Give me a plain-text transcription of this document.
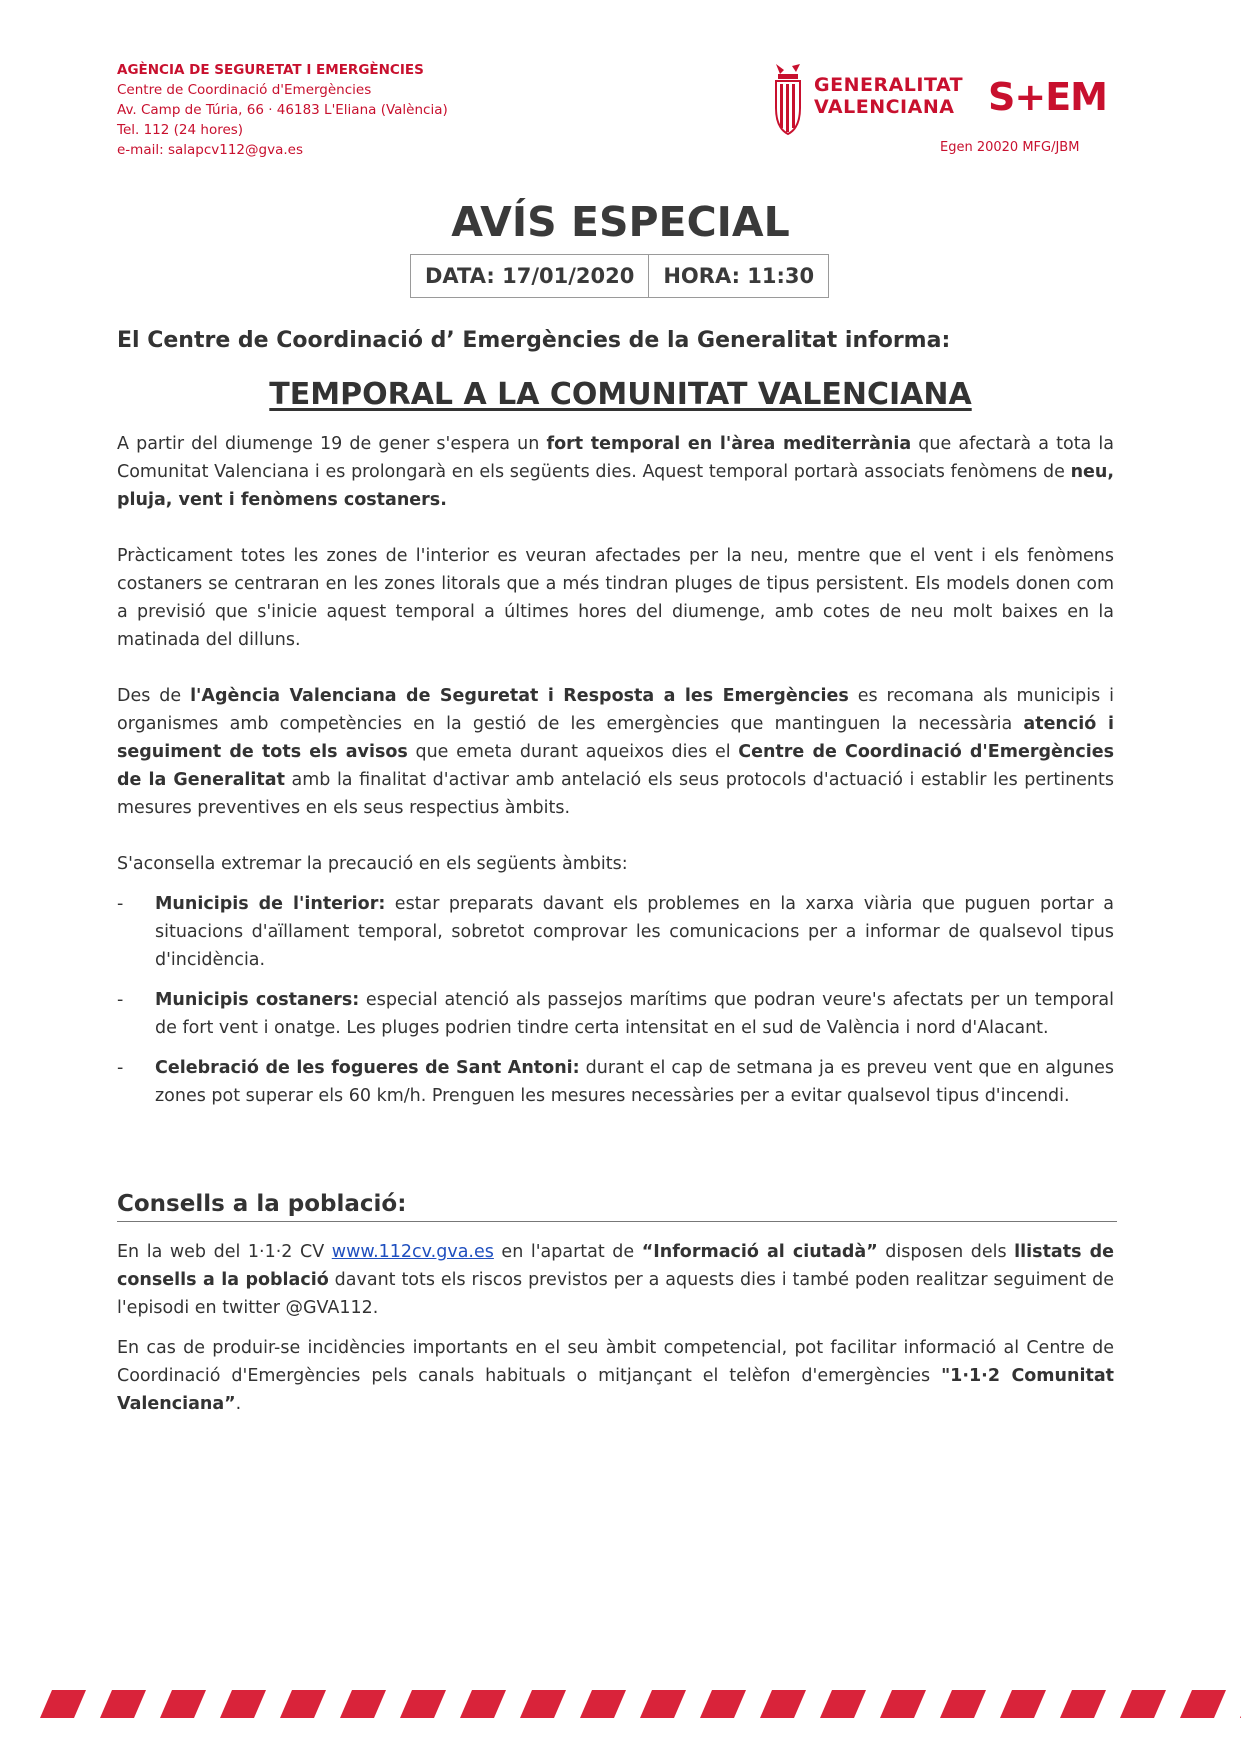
AGÈNCIA DE SEGURETAT I EMERGÈNCIES
Centre de Coordinació d'Emergències
Av. Camp de Túria, 66 · 46183 L'Eliana (València)
Tel. 112 (24 hores)
e-mail: salapcv112@gva.es
GENERALITAT
VALENCIANA S+EM
Egen 20020 MFG/JBM
AVÍS ESPECIAL
DATA: 17/01/2020	HORA: 11:30
El Centre de Coordinació d’ Emergències de la Generalitat informa:
TEMPORAL A LA COMUNITAT VALENCIANA
A partir del diumenge 19 de gener s'espera un fort temporal en l'àrea mediterrània que afectarà a tota la Comunitat Valenciana i es prolongarà en els següents dies. Aquest temporal portarà associats fenòmens de neu, pluja, vent i fenòmens costaners.
Pràcticament totes les zones de l'interior es veuran afectades per la neu, mentre que el vent i els fenòmens costaners se centraran en les zones litorals que a més tindran pluges de tipus persistent. Els models donen com a previsió que s'inicie aquest temporal a últimes hores del diumenge, amb cotes de neu molt baixes en la matinada del dilluns.
Des de l'Agència Valenciana de Seguretat i Resposta a les Emergències es recomana als municipis i organismes amb competències en la gestió de les emergències que mantinguen la necessària atenció i seguiment de tots els avisos que emeta durant aqueixos dies el Centre de Coordinació d'Emergències de la Generalitat amb la finalitat d'activar amb antelació els seus protocols d'actuació i establir les pertinents mesures preventives en els seus respectius àmbits.
S'aconsella extremar la precaució en els següents àmbits:
-	Municipis de l'interior: estar preparats davant els problemes en la xarxa viària que puguen portar a situacions d'aïllament temporal, sobretot comprovar les comunicacions per a informar de qualsevol tipus d'incidència.
-	Municipis costaners: especial atenció als passejos marítims que podran veure's afectats per un temporal de fort vent i onatge. Les pluges podrien tindre certa intensitat en el sud de València i nord d'Alacant.
-	Celebració de les fogueres de Sant Antoni: durant el cap de setmana ja es preveu vent que en algunes zones pot superar els 60 km/h. Prenguen les mesures necessàries per a evitar qualsevol tipus d'incendi.
Consells a la població:
En la web del 1·1·2 CV www.112cv.gva.es en l'apartat de “Informació al ciutadà” disposen dels llistats de consells a la població davant tots els riscos previstos per a aquests dies i també poden realitzar seguiment de l'episodi en twitter @GVA112.
En cas de produir-se incidències importants en el seu àmbit competencial, pot facilitar informació al Centre de Coordinació d'Emergències pels canals habituals o mitjançant el telèfon d'emergències "1·1·2 Comunitat Valenciana”.
